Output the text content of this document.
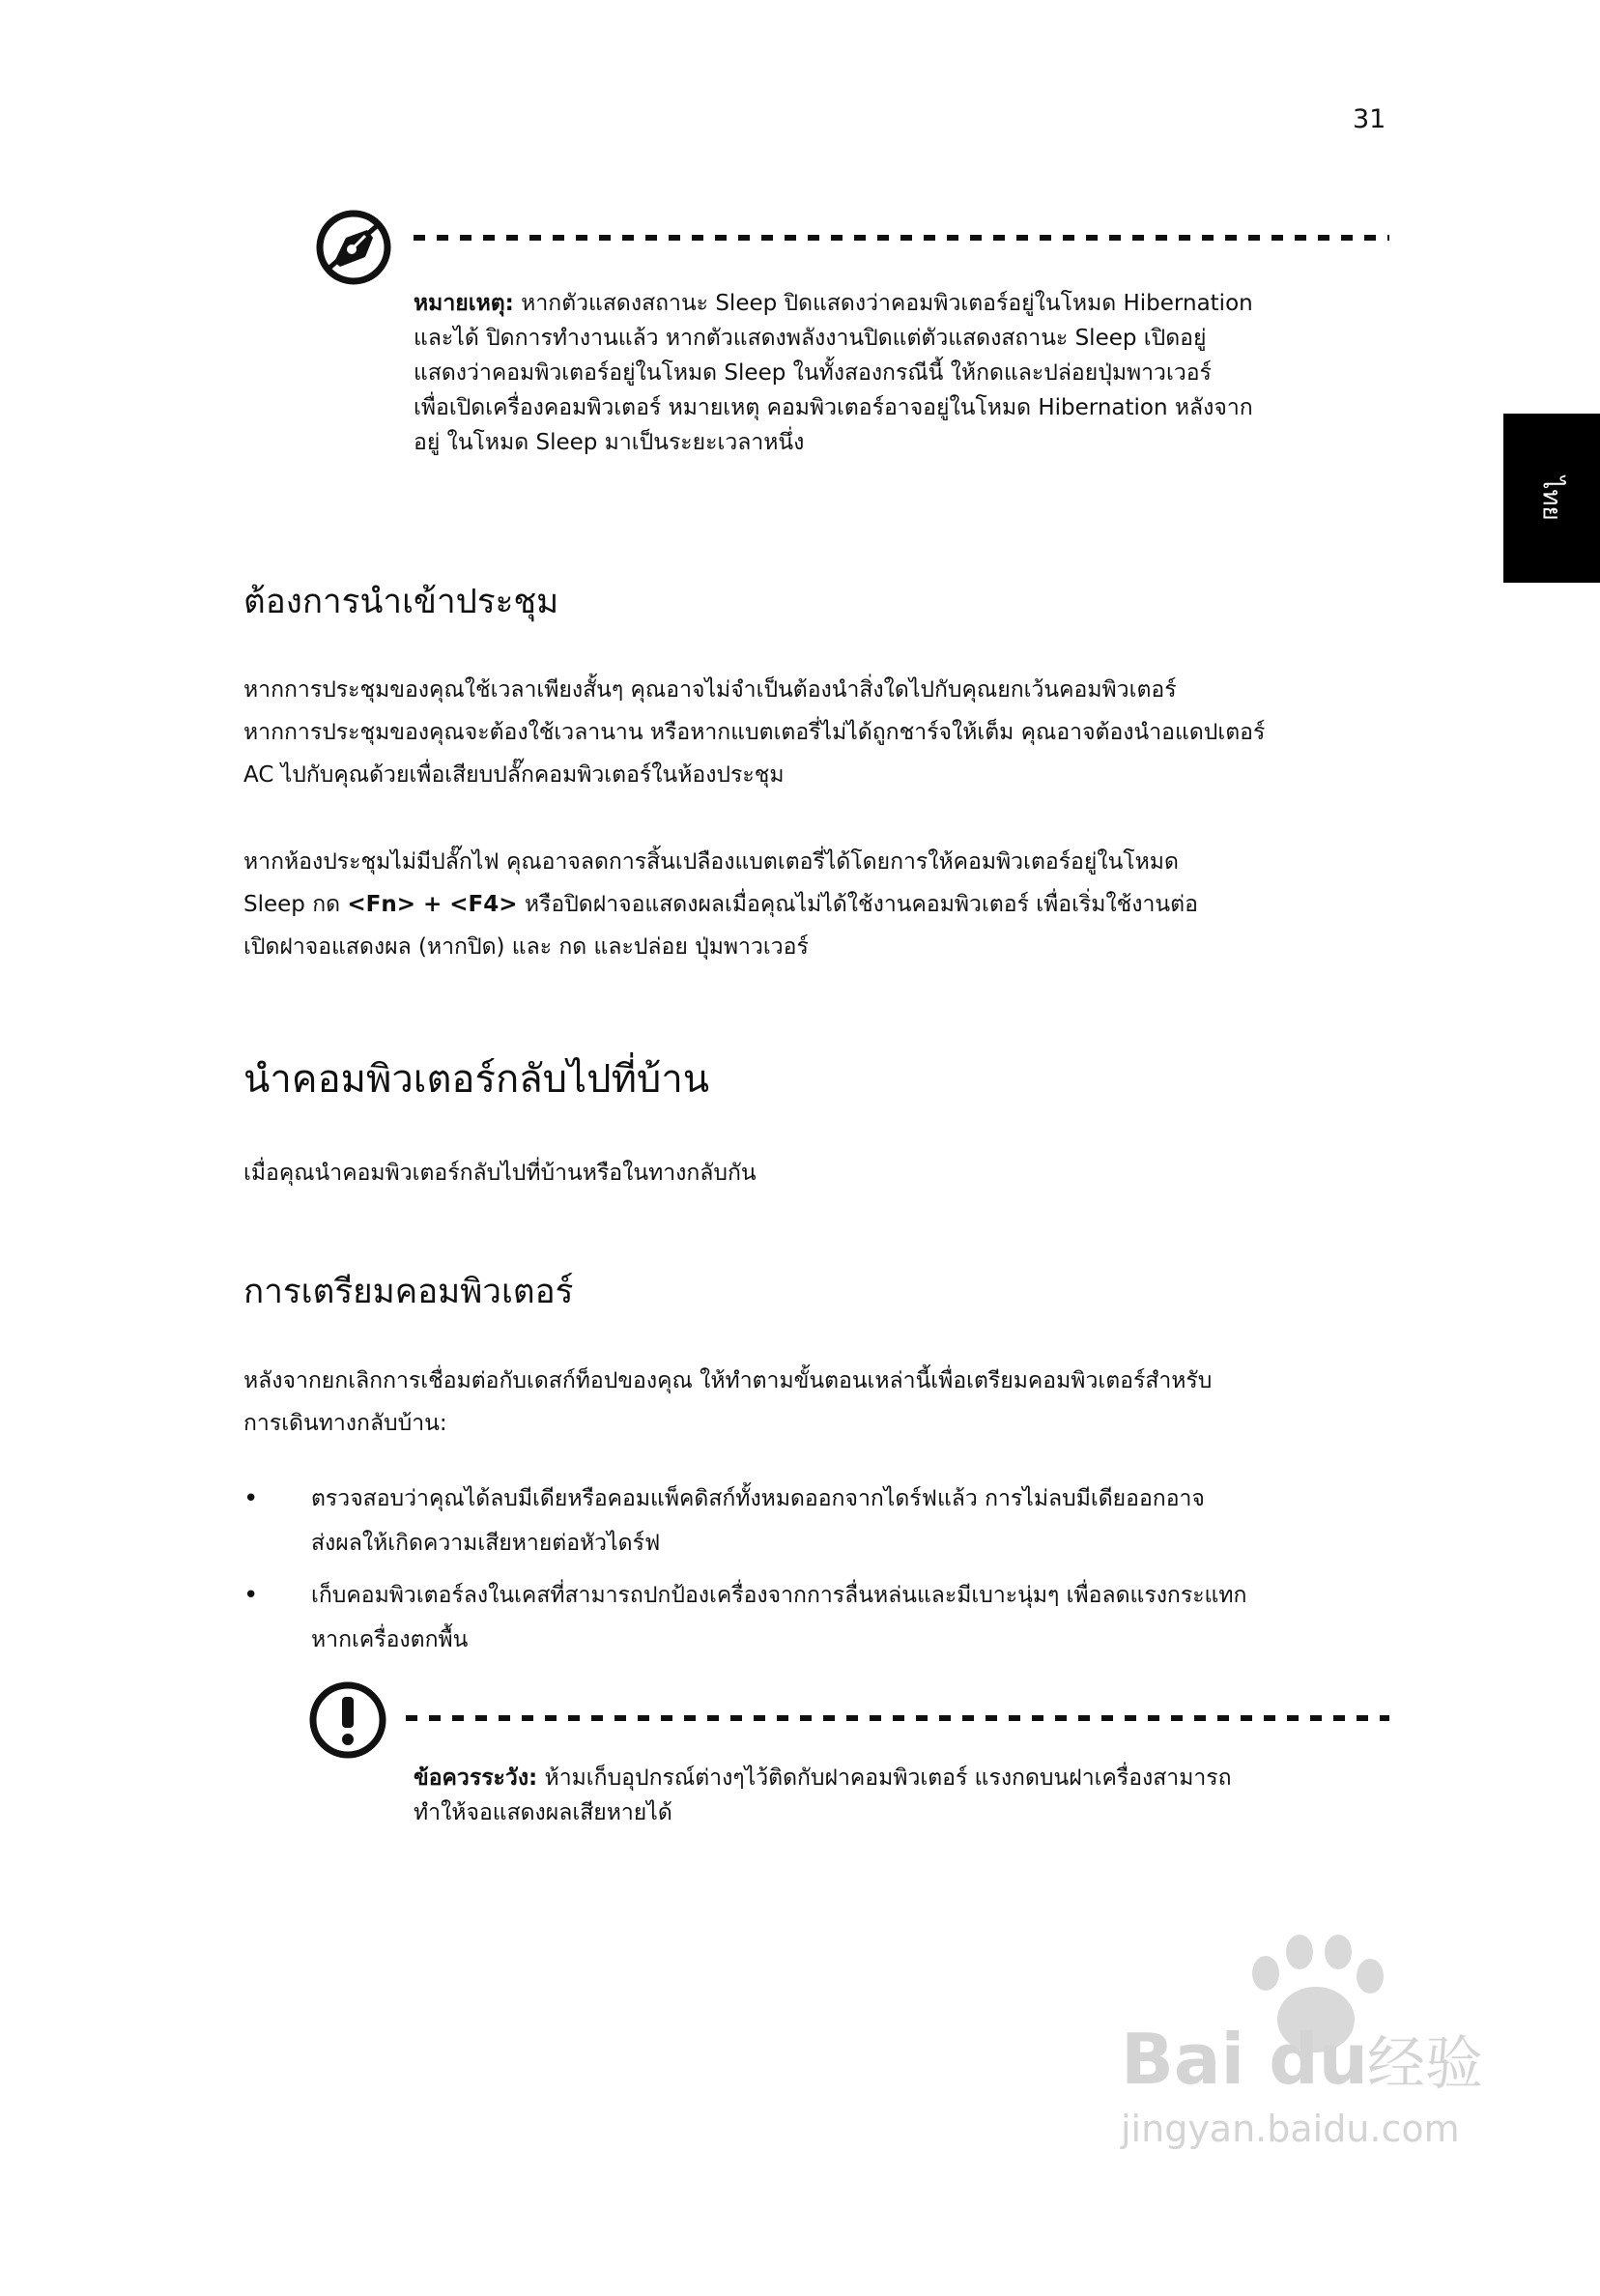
31
ไทย
หมายเหตุ: หากตัวแสดงสถานะ Sleep ปิดแสดงว่าคอมพิวเตอร์อยู่ในโหมด Hibernation
และได้ ปิดการทำงานแล้ว หากตัวแสดงพลังงานปิดแต่ตัวแสดงสถานะ Sleep เปิดอยู่
แสดงว่าคอมพิวเตอร์อยู่ในโหมด Sleep ในทั้งสองกรณีนี้ ให้กดและปล่อยปุ่มพาวเวอร์
เพื่อเปิดเครื่องคอมพิวเตอร์ หมายเหตุ คอมพิวเตอร์อาจอยู่ในโหมด Hibernation หลังจาก
อยู่ ในโหมด Sleep มาเป็นระยะเวลาหนึ่ง
ต้องการนำเข้าประชุม

หากการประชุมของคุณใช้เวลาเพียงสั้นๆ คุณอาจไม่จำเป็นต้องนำสิ่งใดไปกับคุณยกเว้นคอมพิวเตอร์
หากการประชุมของคุณจะต้องใช้เวลานาน หรือหากแบตเตอรี่ไม่ได้ถูกชาร์จให้เต็ม คุณอาจต้องนำอแดปเตอร์
AC ไปกับคุณด้วยเพื่อเสียบปลั๊กคอมพิวเตอร์ในห้องประชุม

หากห้องประชุมไม่มีปลั๊กไฟ คุณอาจลดการสิ้นเปลืองแบตเตอรี่ได้โดยการให้คอมพิวเตอร์อยู่ในโหมด
Sleep กด <Fn> + <F4> หรือปิดฝาจอแสดงผลเมื่อคุณไม่ได้ใช้งานคอมพิวเตอร์ เพื่อเริ่มใช้งานต่อ
เปิดฝาจอแสดงผล (หากปิด) และ กด และปล่อย ปุ่มพาวเวอร์

นำคอมพิวเตอร์กลับไปที่บ้าน

เมื่อคุณนำคอมพิวเตอร์กลับไปที่บ้านหรือในทางกลับกัน

การเตรียมคอมพิวเตอร์

หลังจากยกเลิกการเชื่อมต่อกับเดสก์ท็อปของคุณ ให้ทำตามขั้นตอนเหล่านี้เพื่อเตรียมคอมพิวเตอร์สำหรับ
การเดินทางกลับบ้าน:

• ตรวจสอบว่าคุณได้ลบมีเดียหรือคอมแพ็คดิสก์ทั้งหมดออกจากไดร์ฟแล้ว การไม่ลบมีเดียออกอาจ
ส่งผลให้เกิดความเสียหายต่อหัวไดร์ฟ
• เก็บคอมพิวเตอร์ลงในเคสที่สามารถปกป้องเครื่องจากการลื่นหล่นและมีเบาะนุ่มๆ เพื่อลดแรงกระแทก
หากเครื่องตกพื้น
ข้อควรระวัง: ห้ามเก็บอุปกรณ์ต่างๆไว้ติดกับฝาคอมพิวเตอร์ แรงกดบนฝาเครื่องสามารถ
ทำให้จอแสดงผลเสียหายได้
Bai du
经验
jingyan.baidu.com
